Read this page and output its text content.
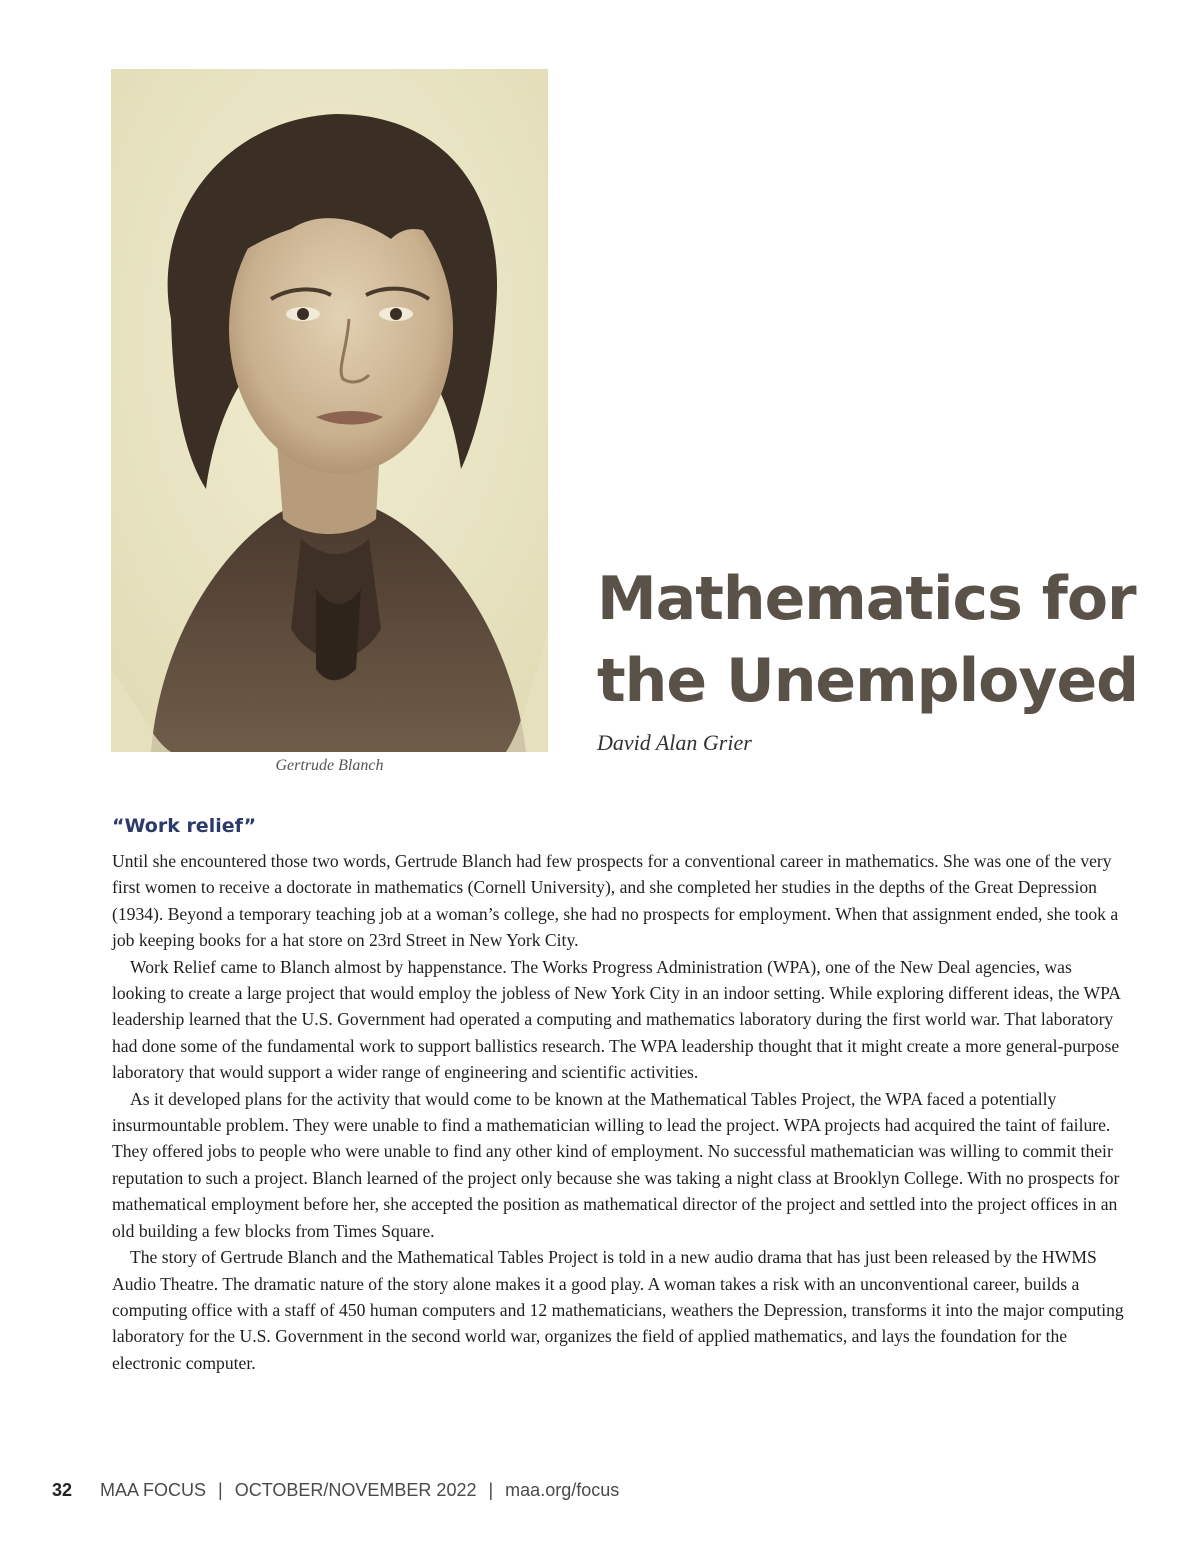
Gertrude Blanch
Mathematics for
the Unemployed
David Alan Grier
“Work relief”

Until she encountered those two words, Gertrude Blanch had few prospects for a conventional career in mathematics. She was one of the very first women to receive a doctorate in mathematics (Cornell University), and she completed her studies in the depths of the Great Depression (1934). Beyond a temporary teaching job at a woman’s college, she had no prospects for employment. When that assignment ended, she took a job keeping books for a hat store on 23rd Street in New York City.

Work Relief came to Blanch almost by happenstance. The Works Progress Administration (WPA), one of the New Deal agencies, was looking to create a large project that would employ the jobless of New York City in an indoor setting. While exploring different ideas, the WPA leadership learned that the U.S. Government had operated a computing and mathematics laboratory during the first world war. That laboratory had done some of the fundamental work to support ballistics research. The WPA leadership thought that it might create a more general-purpose laboratory that would support a wider range of engineering and scientific activities.

As it developed plans for the activity that would come to be known at the Mathematical Tables Project, the WPA faced a potentially insurmountable problem. They were unable to find a mathematician willing to lead the project. WPA projects had acquired the taint of failure. They offered jobs to people who were unable to find any other kind of employment. No successful mathematician was willing to commit their reputation to such a project. Blanch learned of the project only because she was taking a night class at Brooklyn College. With no prospects for mathematical employment before her, she accepted the position as mathematical director of the project and settled into the project offices in an old building a few blocks from Times Square.

The story of Gertrude Blanch and the Mathematical Tables Project is told in a new audio drama that has just been released by the HWMS Audio Theatre. The dramatic nature of the story alone makes it a good play. A woman takes a risk with an unconventional career, builds a computing office with a staff of 450 human computers and 12 mathematicians, weathers the Depression, transforms it into the major computing laboratory for the U.S. Government in the second world war, organizes the field of applied mathematics, and lays the foundation for the electronic computer.

32 MAA FOCUS | OCTOBER/NOVEMBER 2022 | maa.org/focus
